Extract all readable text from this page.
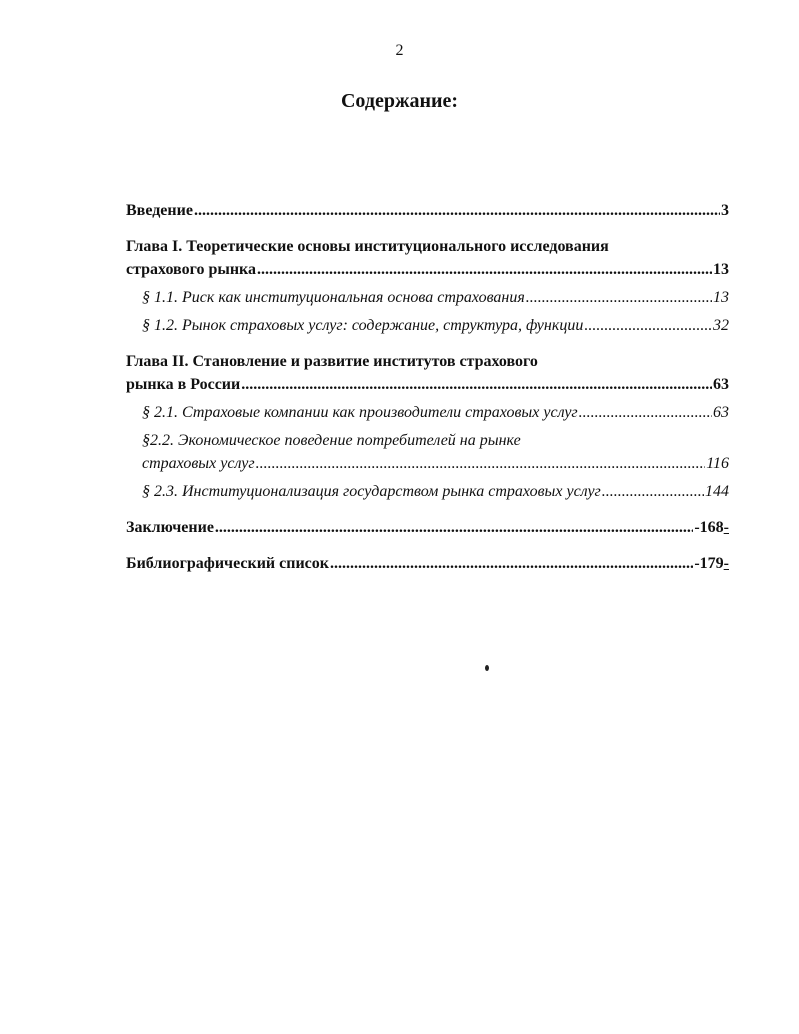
2
Содержание:
Введение .....	3
Глава I. Теоретические основы институционального исследования
страхового рынка .....	13
§ 1.1. Риск как институциональная основа страхования .....	13
§ 1.2. Рынок страховых услуг: содержание, структура, функции .....	32
Глава II. Становление и развитие институтов страхового
рынка в России .....	63
§ 2.1. Страховые компании как производители страховых услуг .....	63
§2.2. Экономическое поведение потребителей на рынке
страховых услуг .....	116
§ 2.3. Институционализация государством рынка страховых услуг .....	144
Заключение .....	-168-
Библиографический список .....	-179-
